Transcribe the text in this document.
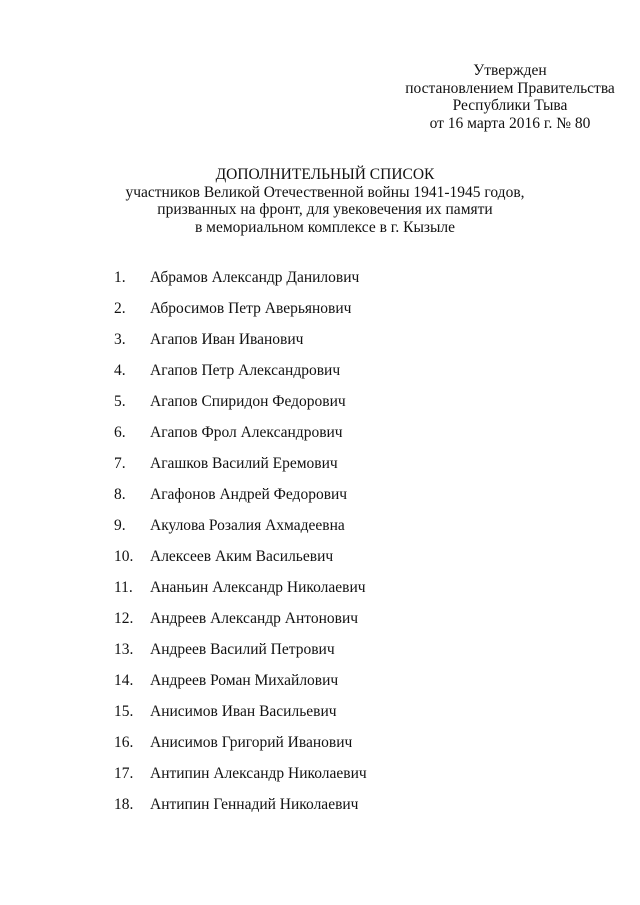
Утвержден
постановлением Правительства
Республики Тыва
от 16 марта 2016 г. № 80
ДОПОЛНИТЕЛЬНЫЙ СПИСОК
участников Великой Отечественной войны 1941-1945 годов,
призванных на фронт, для увековечения их памяти
в мемориальном комплексе в г. Кызыле
1. Абрамов Александр Данилович
2. Абросимов Петр Аверьянович
3. Агапов Иван Иванович
4. Агапов Петр Александрович
5. Агапов Спиридон Федорович
6. Агапов Фрол Александрович
7. Агашков Василий Еремович
8. Агафонов Андрей Федорович
9. Акулова Розалия Ахмадеевна
10. Алексеев Аким Васильевич
11. Ананьин Александр Николаевич
12. Андреев Александр Антонович
13. Андреев Василий Петрович
14. Андреев Роман Михайлович
15. Анисимов Иван Васильевич
16. Анисимов Григорий Иванович
17. Антипин Александр Николаевич
18. Антипин Геннадий Николаевич
